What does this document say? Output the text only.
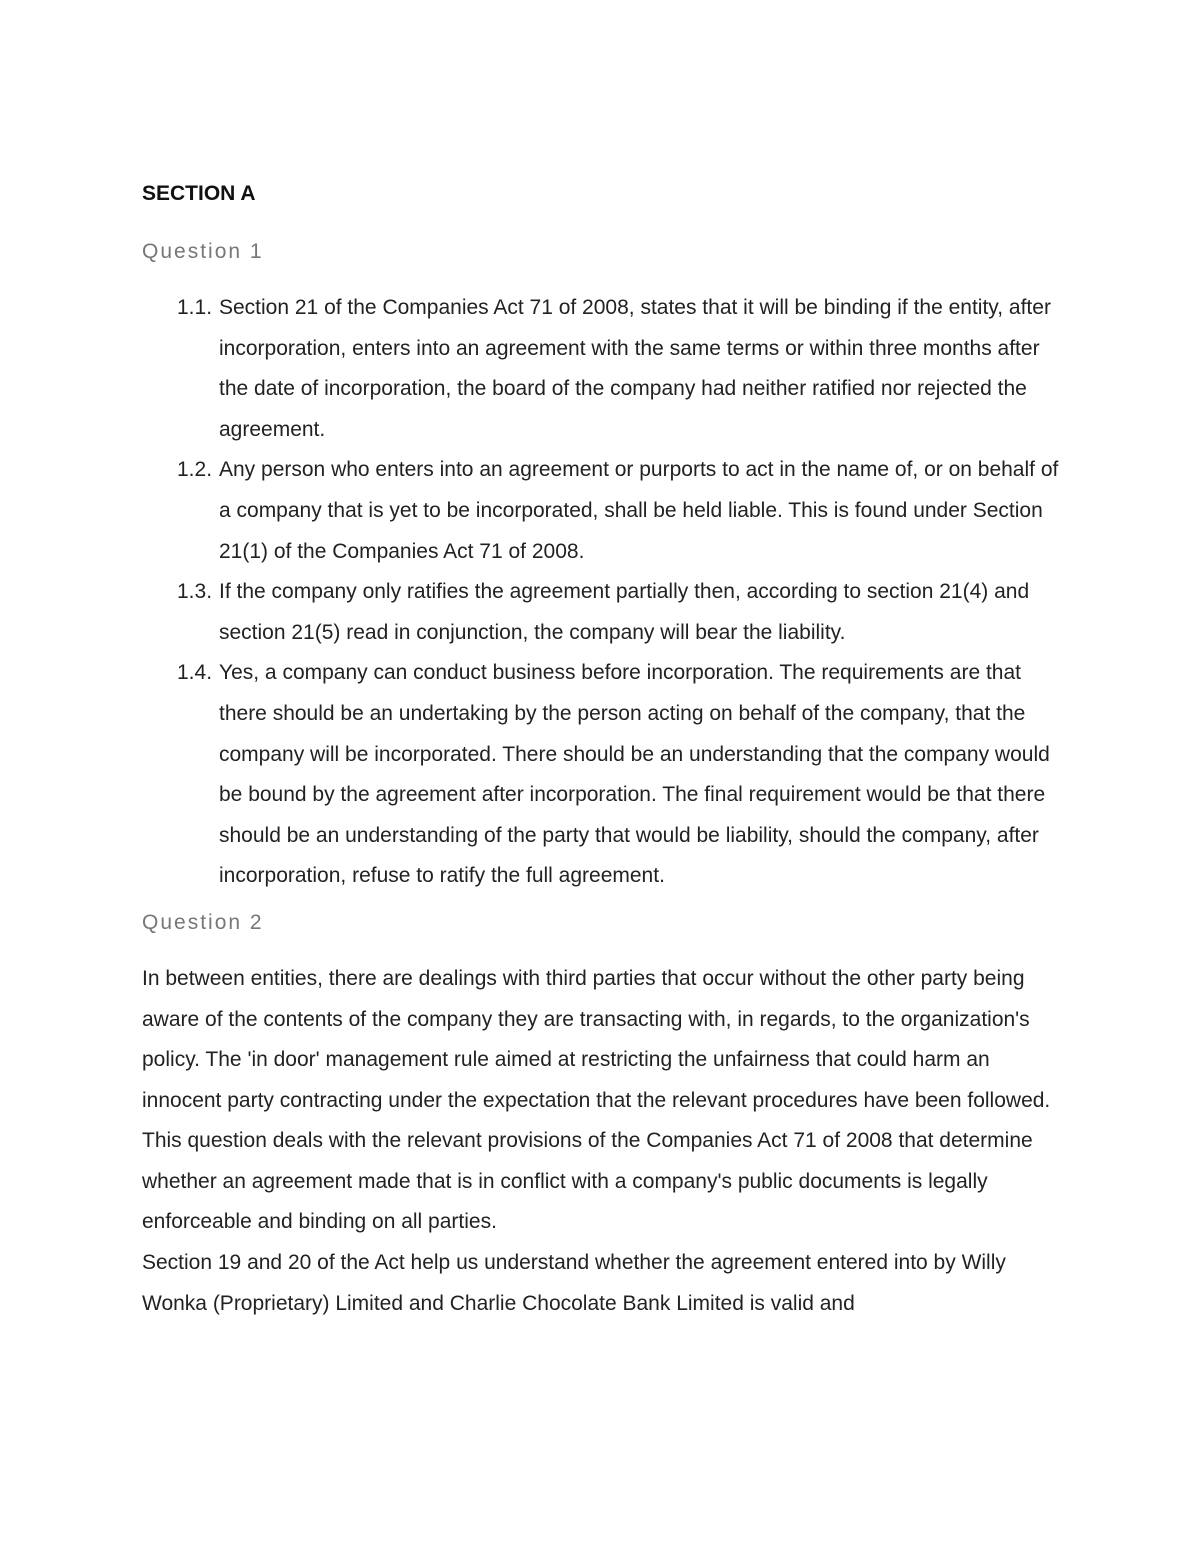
SECTION A
Question 1
1.1. Section 21 of the Companies Act 71 of 2008, states that it will be binding if the entity, after incorporation, enters into an agreement with the same terms or within three months after the date of incorporation, the board of the company had neither ratified nor rejected the agreement.
1.2. Any person who enters into an agreement or purports to act in the name of, or on behalf of a company that is yet to be incorporated, shall be held liable. This is found under Section 21(1) of the Companies Act 71 of 2008.
1.3. If the company only ratifies the agreement partially then, according to section 21(4) and section 21(5) read in conjunction, the company will bear the liability.
1.4. Yes, a company can conduct business before incorporation. The requirements are that there should be an undertaking by the person acting on behalf of the company, that the company will be incorporated. There should be an understanding that the company would be bound by the agreement after incorporation. The final requirement would be that there should be an understanding of the party that would be liability, should the company, after incorporation, refuse to ratify the full agreement.
Question 2

In between entities, there are dealings with third parties that occur without the other party being aware of the contents of the company they are transacting with, in regards, to the organization's policy. The 'in door' management rule aimed at restricting the unfairness that could harm an innocent party contracting under the expectation that the relevant procedures have been followed. This question deals with the relevant provisions of the Companies Act 71 of 2008 that determine whether an agreement made that is in conflict with a company's public documents is legally enforceable and binding on all parties.

Section 19 and 20 of the Act help us understand whether the agreement entered into by Willy Wonka (Proprietary) Limited and Charlie Chocolate Bank Limited is valid and
